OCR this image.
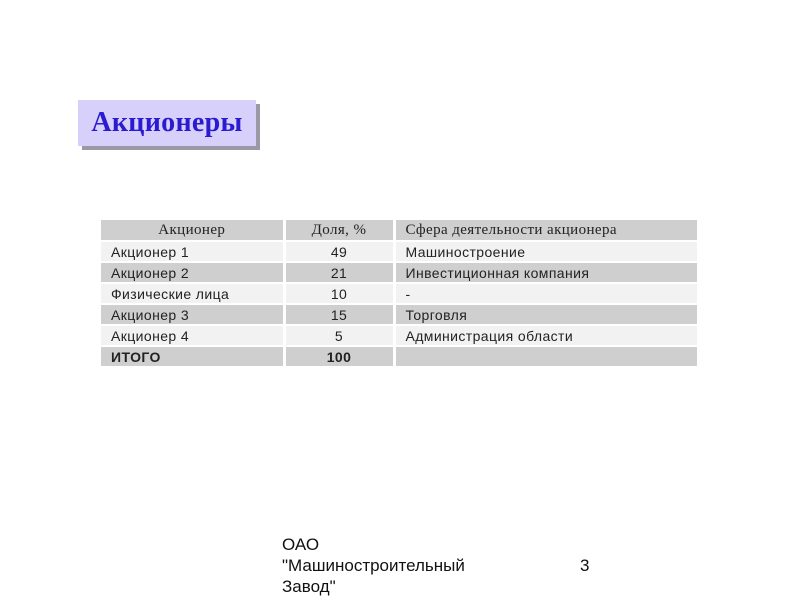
Акционеры
Акционер	Доля, %	Сфера деятельности акционера
Акционер 1	49	Машиностроение
Акционер 2	21	Инвестиционная компания
Физические лица	10	-
Акционер 3	15	Торговля
Акционер 4	5	Администрация области
ИТОГО	100	
ОАО
"Машиностроительный
Завод"
3
